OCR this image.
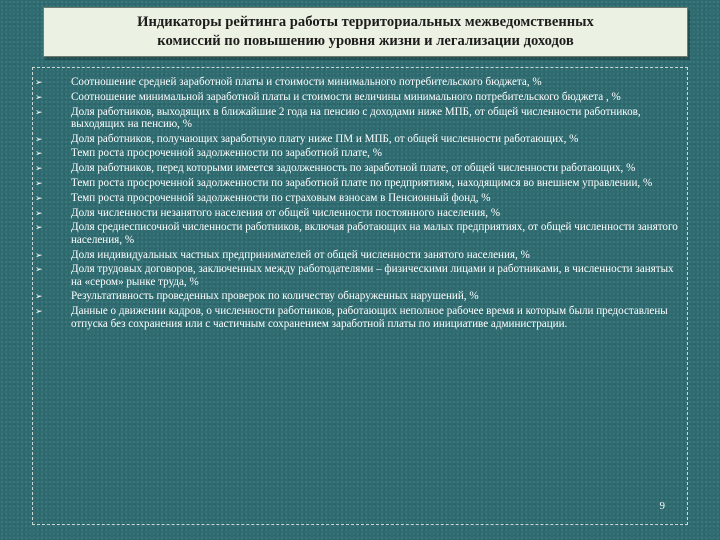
Индикаторы рейтинга работы территориальных межведомственных
комиссий по повышению уровня жизни и легализации доходов
➢	Соотношение средней заработной платы и стоимости минимального потребительского бюджета, %
➢	Соотношение минимальной заработной платы и стоимости величины минимального потребительского бюджета , %
➢	Доля работников, выходящих в ближайшие 2 года на пенсию с доходами ниже МПБ, от общей численности работников, выходящих на пенсию, %
➢	Доля работников, получающих заработную плату ниже ПМ и МПБ, от общей численности работающих, %
➢	Темп роста просроченной задолженности по заработной плате, %
➢	Доля работников, перед которыми имеется задолженность по заработной плате, от общей численности работающих, %
➢	Темп роста просроченной задолженности по заработной плате по предприятиям, находящимся во внешнем управлении, %
➢	Темп роста просроченной задолженности по страховым взносам в Пенсионный фонд, %
➢	Доля численности незанятого населения от общей численности постоянного населения, %
➢	Доля среднесписочной численности работников, включая работающих на малых предприятиях, от общей численности занятого населения, %
➢	Доля индивидуальных частных предпринимателей от общей численности занятого населения, %
➢	Доля трудовых договоров, заключенных между работодателями – физическими лицами и работниками, в численности занятых на «сером» рынке труда, %
➢	Результативность проведенных проверок по количеству обнаруженных нарушений, %
➢	Данные о движении кадров, о численности работников, работающих неполное рабочее время и которым были предоставлены отпуска без сохранения или с частичным сохранением заработной платы по инициативе администрации.
9
